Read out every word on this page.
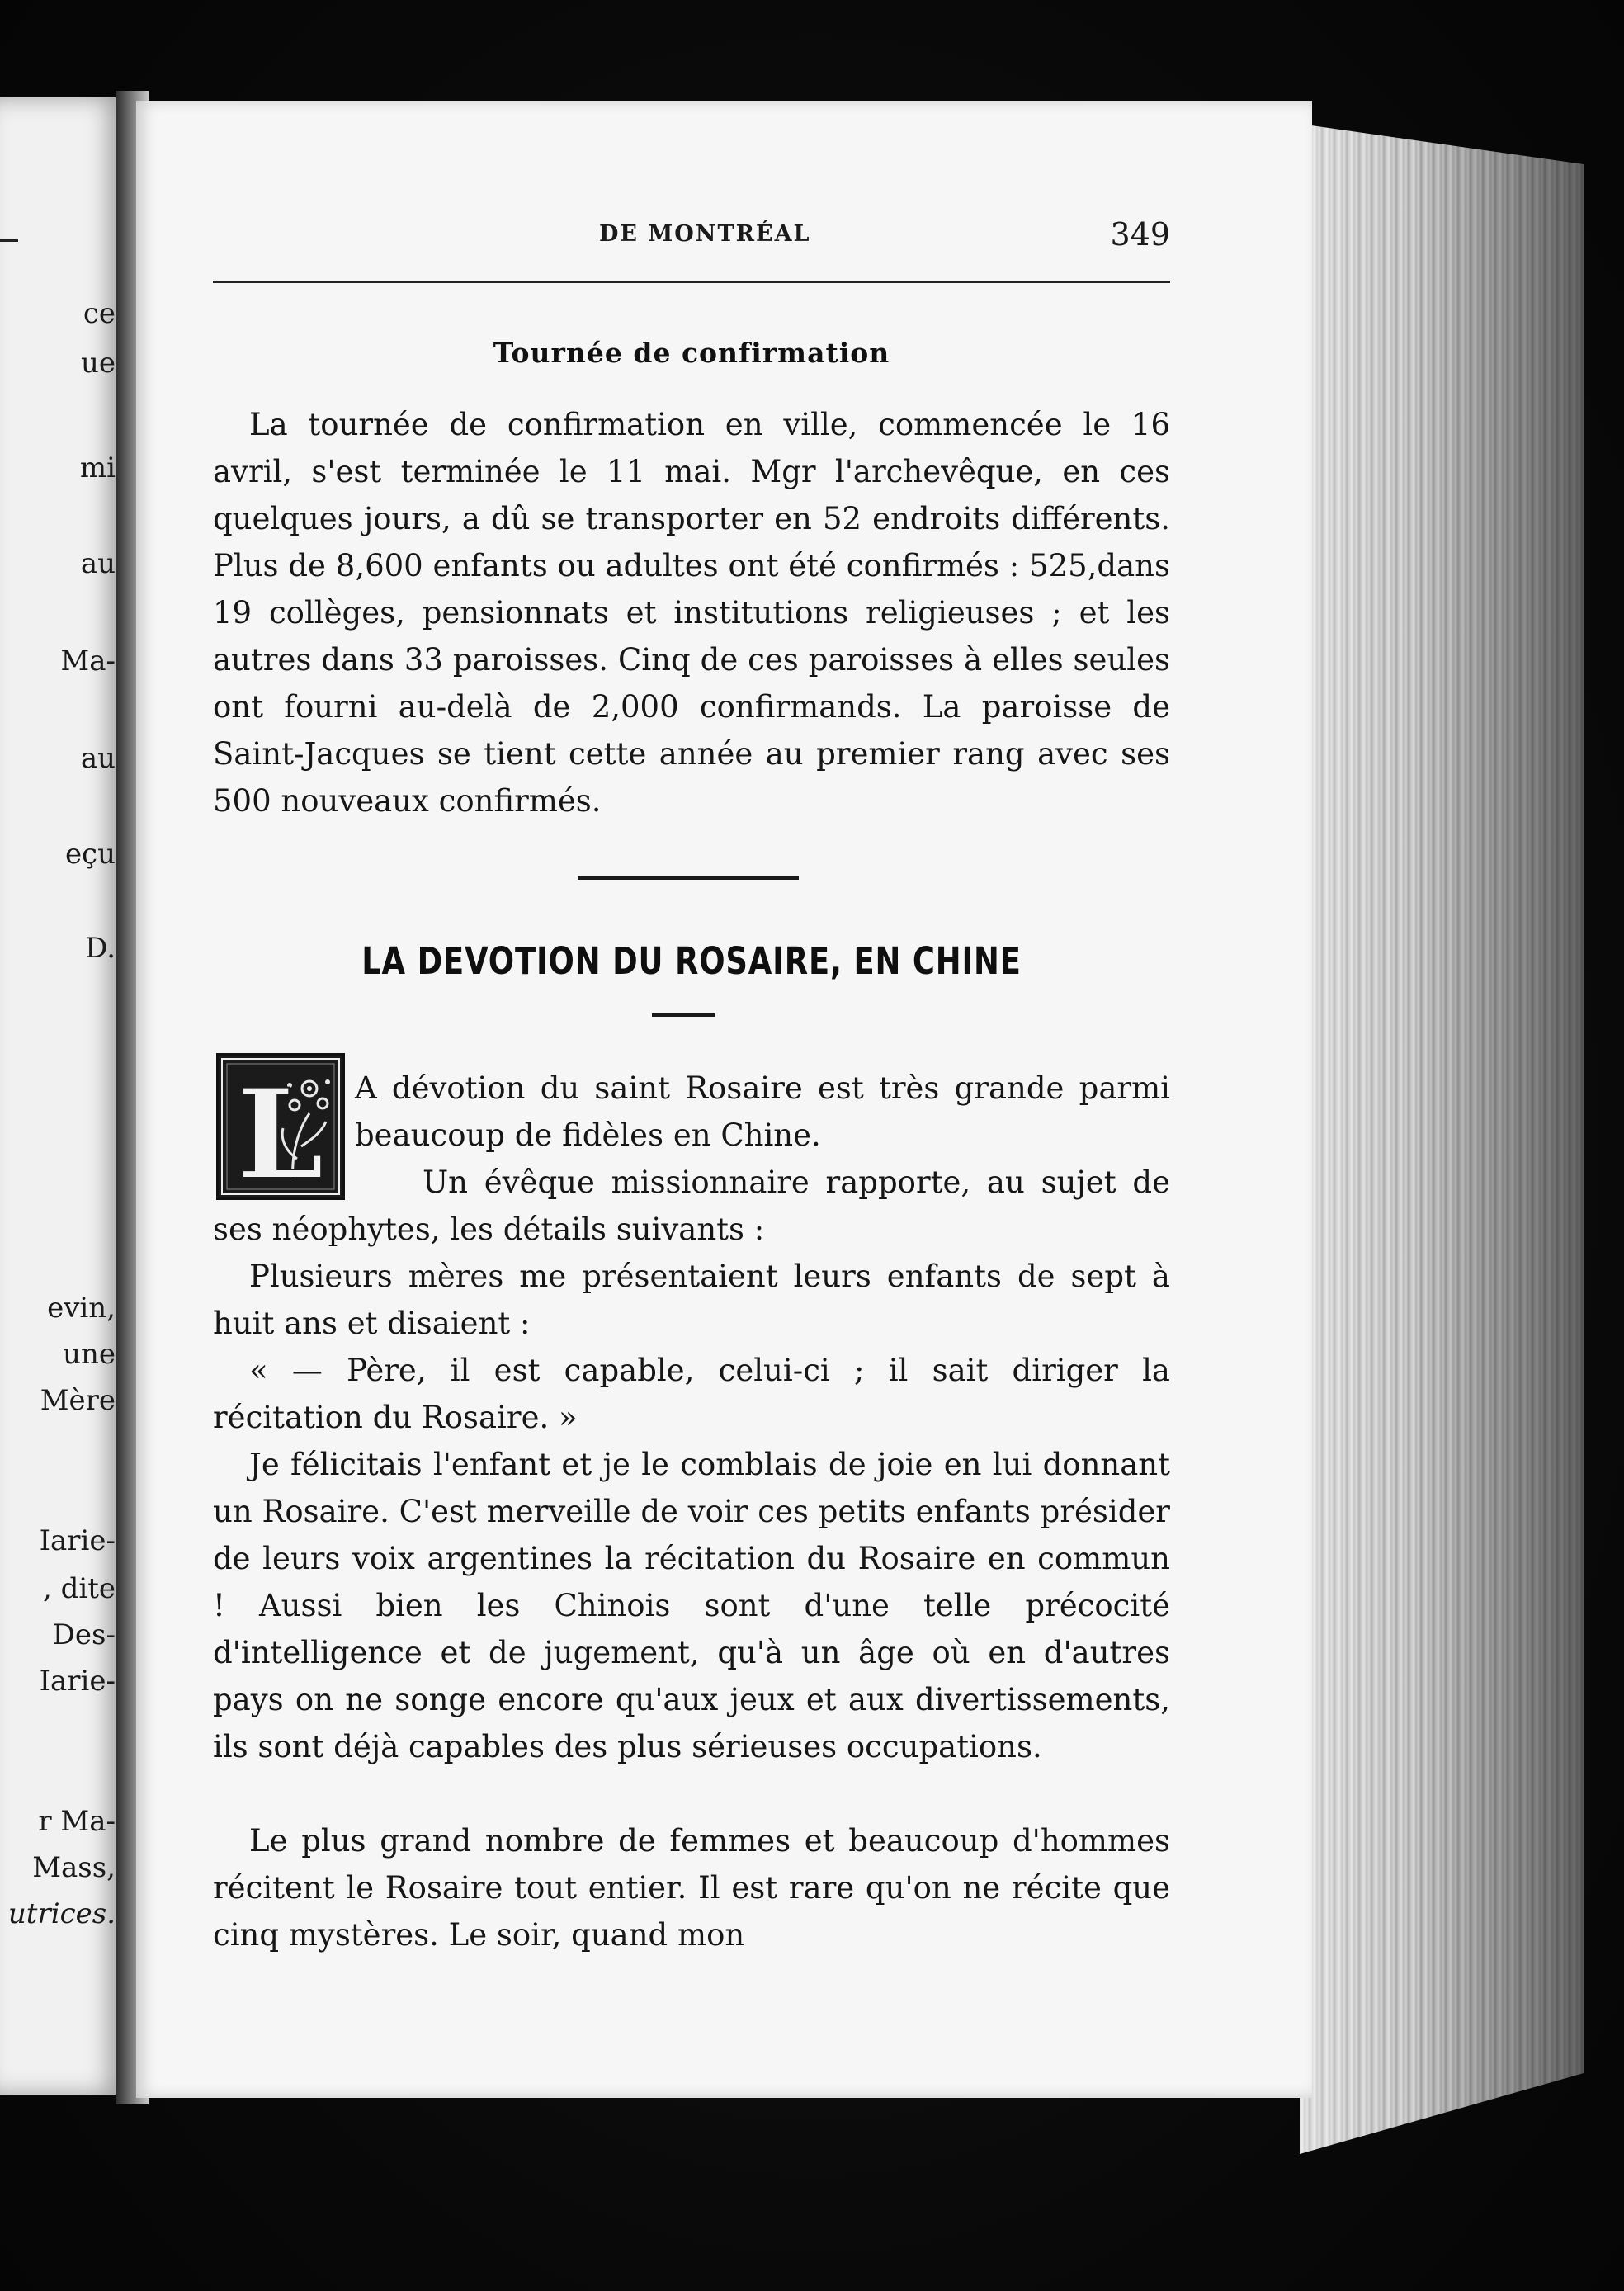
ce
ue
mi
au
Ma-
au
eçu
D.
evin,
une
Mère
Iarie-
, dite
Des-
Iarie-
r Ma-
Mass,
utrices.
DE MONTRÉAL	349
Tournée de confirmation

La tournée de confirmation en ville, commencée le 16 avril, s'est terminée le 11 mai. Mgr l'archevêque, en ces quelques jours, a dû se transporter en 52 endroits différents. Plus de 8,600 enfants ou adultes ont été confirmés : 525,dans 19 collèges, pensionnats et institutions religieuses ; et les autres dans 33 paroisses. Cinq de ces paroisses à elles seules ont fourni au-delà de 2,000 confirmands. La paroisse de Saint-Jacques se tient cette année au premier rang avec ses 500 nouveaux confirmés.

LA DEVOTION DU ROSAIRE, EN CHINE
L A dévotion du saint Rosaire est très grande parmi beaucoup de fidèles en Chine.

Un évêque missionnaire rapporte, au sujet de ses néophytes, les détails suivants :

Plusieurs mères me présentaient leurs enfants de sept à huit ans et disaient :

« — Père, il est capable, celui-ci ; il sait diriger la récitation du Rosaire. »

Je félicitais l'enfant et je le comblais de joie en lui donnant un Rosaire. C'est merveille de voir ces petits enfants présider de leurs voix argentines la récitation du Rosaire en commun ! Aussi bien les Chinois sont d'une telle précocité d'intelligence et de jugement, qu'à un âge où en d'autres pays on ne songe encore qu'aux jeux et aux divertissements, ils sont déjà capables des plus sérieuses occupations.

Le plus grand nombre de femmes et beaucoup d'hommes récitent le Rosaire tout entier. Il est rare qu'on ne récite que cinq mystères. Le soir, quand mon
